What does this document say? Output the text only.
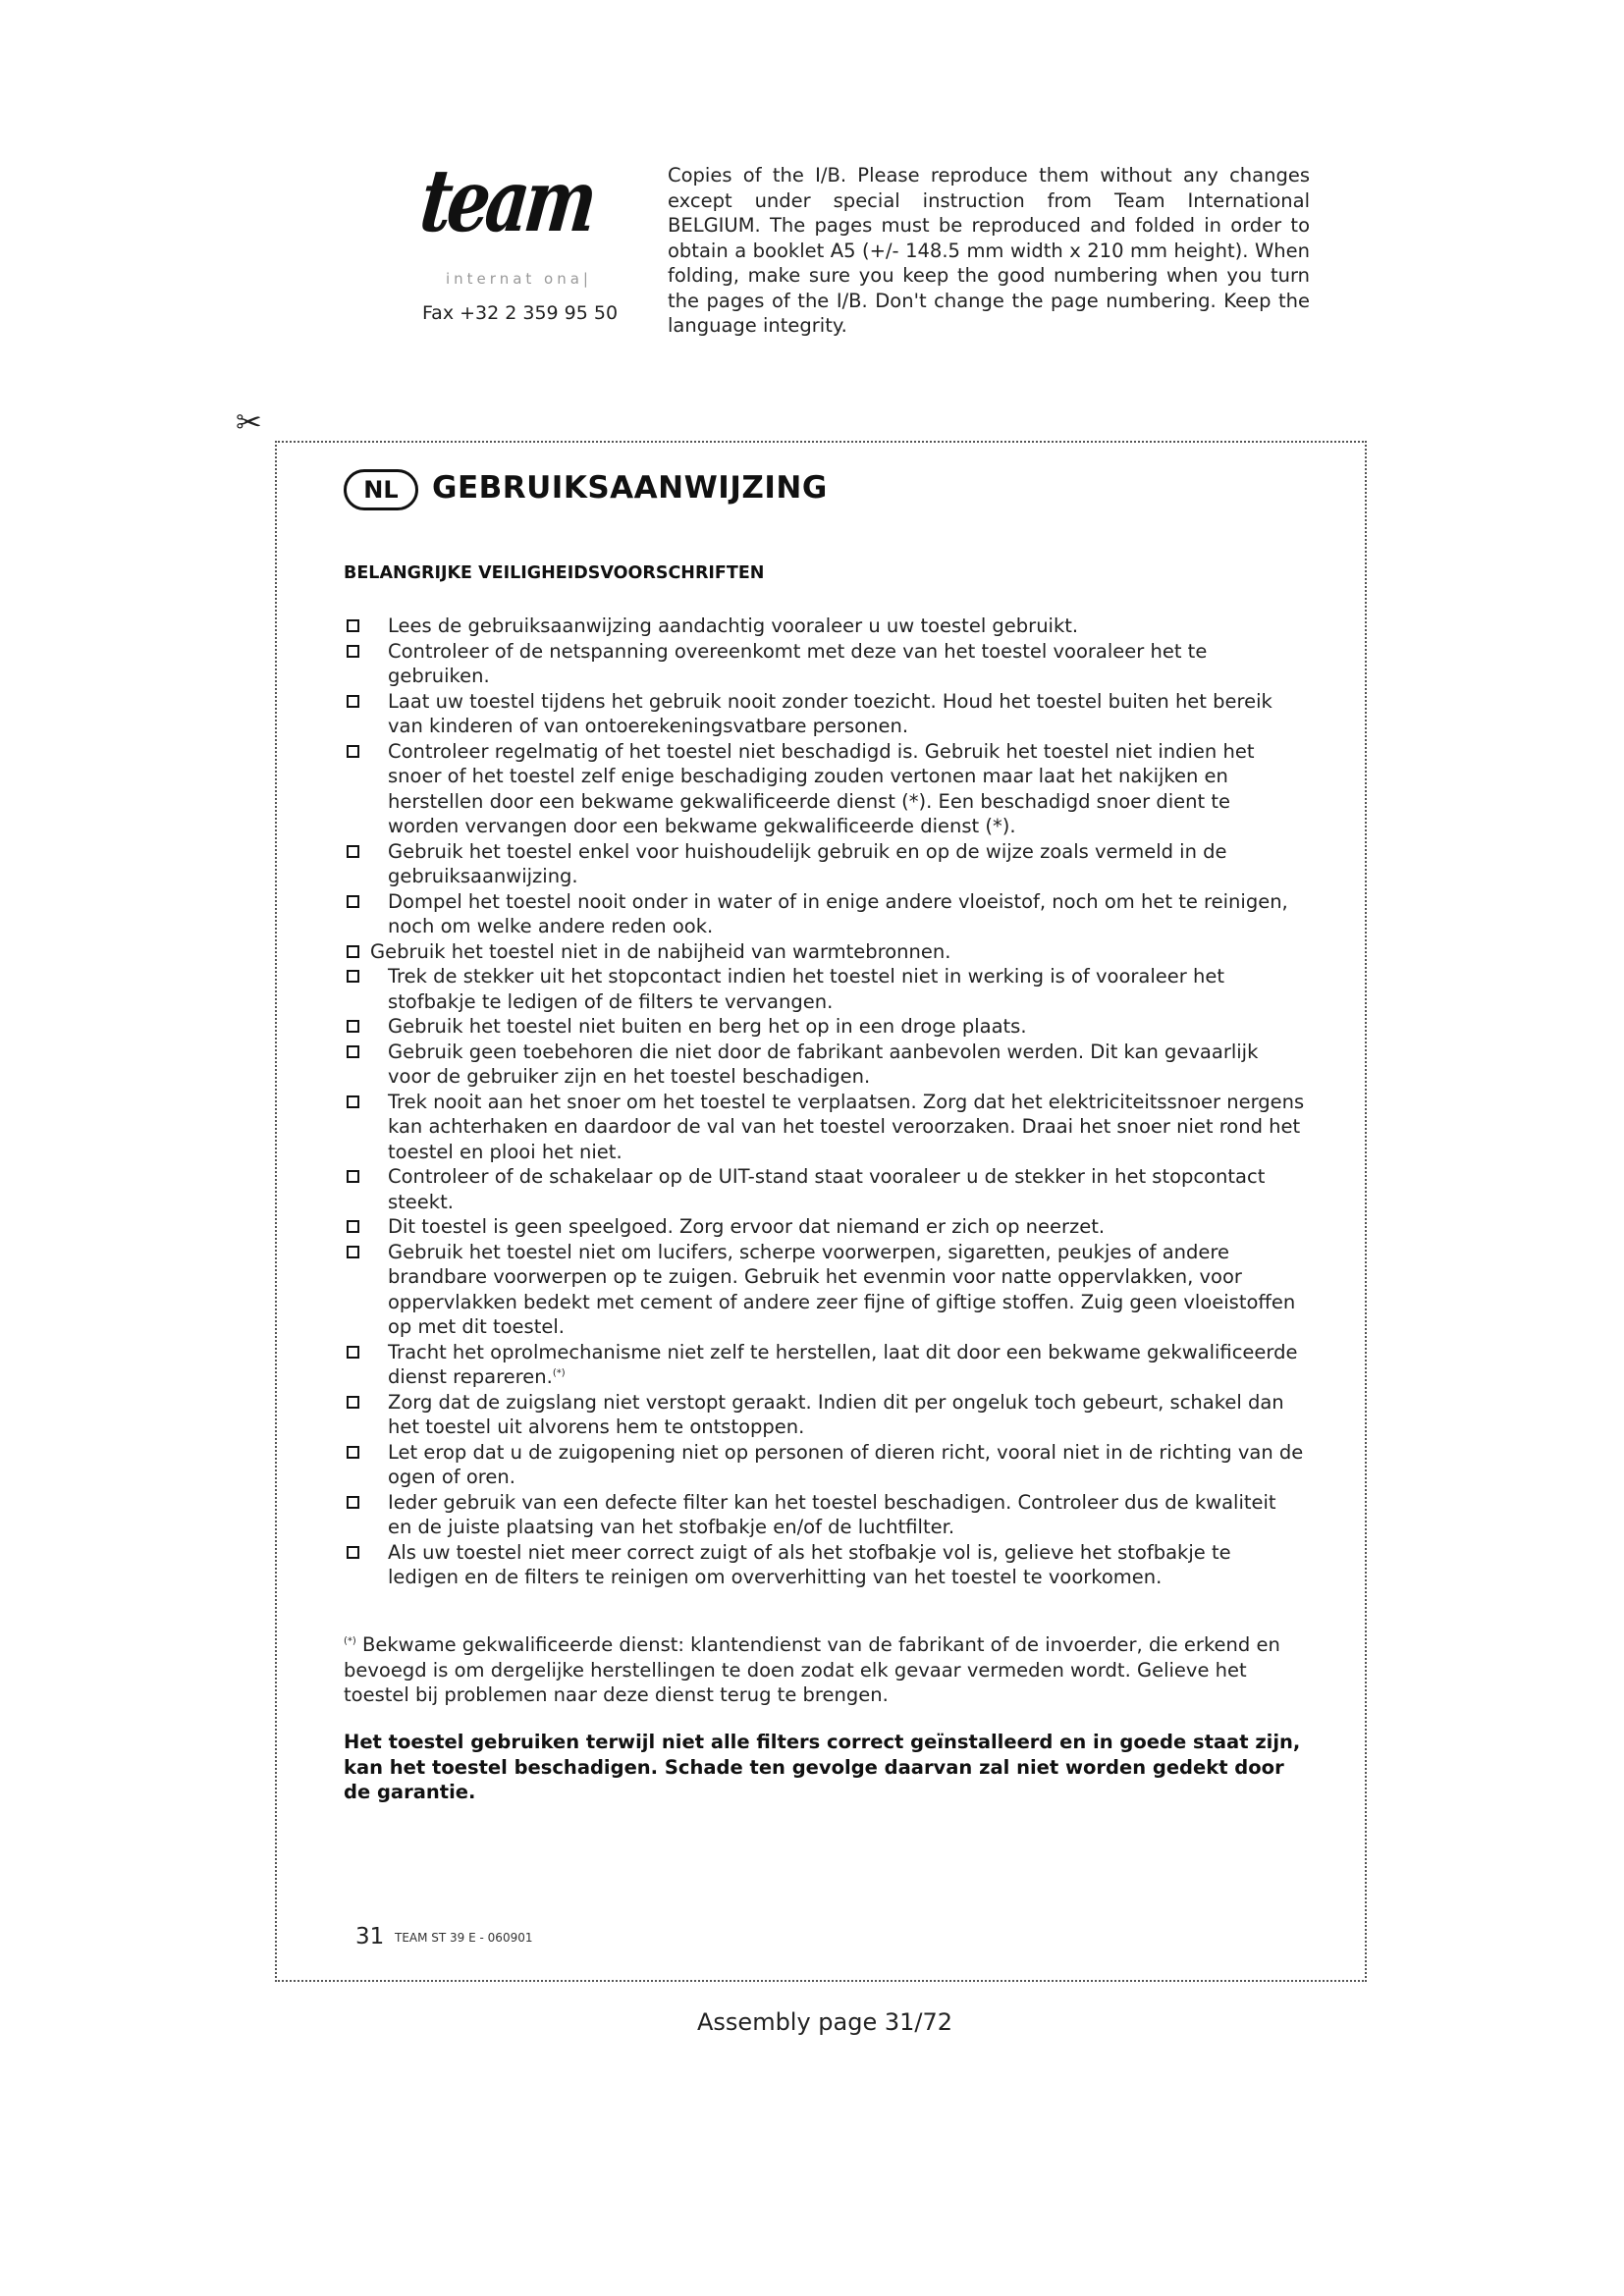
team
internat ona|
Fax +32 2 359 95 50
Copies of the I/B. Please reproduce them without any changes except under special instruction from Team International BELGIUM. The pages must be reproduced and folded in order to obtain a booklet A5 (+/- 148.5 mm width x 210 mm height). When folding, make sure you keep the good numbering when you turn the pages of the I/B. Don't change the page numbering. Keep the language integrity.
✂
NL	GEBRUIKSAANWIJZING
BELANGRIJKE VEILIGHEIDSVOORSCHRIFTEN
Lees de gebruiksaanwijzing aandachtig vooraleer u uw toestel gebruikt.
Controleer of de netspanning overeenkomt met deze van het toestel vooraleer het te gebruiken.
Laat uw toestel tijdens het gebruik nooit zonder toezicht. Houd het toestel buiten het bereik van kinderen of van ontoerekeningsvatbare personen.
Controleer regelmatig of het toestel niet beschadigd is. Gebruik het toestel niet indien het snoer of het toestel zelf enige beschadiging zouden vertonen maar laat het nakijken en herstellen door een bekwame gekwalificeerde dienst (*). Een beschadigd snoer dient te worden vervangen door een bekwame gekwalificeerde dienst (*).
Gebruik het toestel enkel voor huishoudelijk gebruik en op de wijze zoals vermeld in de gebruiksaanwijzing.
Dompel het toestel nooit onder in water of in enige andere vloeistof, noch om het te reinigen, noch om welke andere reden ook.
Gebruik het toestel niet in de nabijheid van warmtebronnen.
Trek de stekker uit het stopcontact indien het toestel niet in werking is of vooraleer het stofbakje te ledigen of de filters te vervangen.
Gebruik het toestel niet buiten en berg het op in een droge plaats.
Gebruik geen toebehoren die niet door de fabrikant aanbevolen werden. Dit kan gevaarlijk voor de gebruiker zijn en het toestel beschadigen.
Trek nooit aan het snoer om het toestel te verplaatsen. Zorg dat het elektriciteitssnoer nergens kan achterhaken en daardoor de val van het toestel veroorzaken. Draai het snoer niet rond het toestel en plooi het niet.
Controleer of de schakelaar op de UIT-stand staat vooraleer u de stekker in het stopcontact steekt.
Dit toestel is geen speelgoed. Zorg ervoor dat niemand er zich op neerzet.
Gebruik het toestel niet om lucifers, scherpe voorwerpen, sigaretten, peukjes of andere brandbare voorwerpen op te zuigen. Gebruik het evenmin voor natte oppervlakken, voor oppervlakken bedekt met cement of andere zeer fijne of giftige stoffen. Zuig geen vloeistoffen op met dit toestel.
Tracht het oprolmechanisme niet zelf te herstellen, laat dit door een bekwame gekwalificeerde dienst repareren.(*)
Zorg dat de zuigslang niet verstopt geraakt. Indien dit per ongeluk toch gebeurt, schakel dan het toestel uit alvorens hem te ontstoppen.
Let erop dat u de zuigopening niet op personen of dieren richt, vooral niet in de richting van de ogen of oren.
Ieder gebruik van een defecte filter kan het toestel beschadigen. Controleer dus de kwaliteit en de juiste plaatsing van het stofbakje en/of de luchtfilter.
Als uw toestel niet meer correct zuigt of als het stofbakje vol is, gelieve het stofbakje te ledigen en de filters te reinigen om oververhitting van het toestel te voorkomen.
(*) Bekwame gekwalificeerde dienst: klantendienst van de fabrikant of de invoerder, die erkend en bevoegd is om dergelijke herstellingen te doen zodat elk gevaar vermeden wordt. Gelieve het toestel bij problemen naar deze dienst terug te brengen.
Het toestel gebruiken terwijl niet alle filters correct geïnstalleerd en in goede staat zijn, kan het toestel beschadigen. Schade ten gevolge daarvan zal niet worden gedekt door de garantie.
31 TEAM ST 39 E - 060901
Assembly page 31/72
